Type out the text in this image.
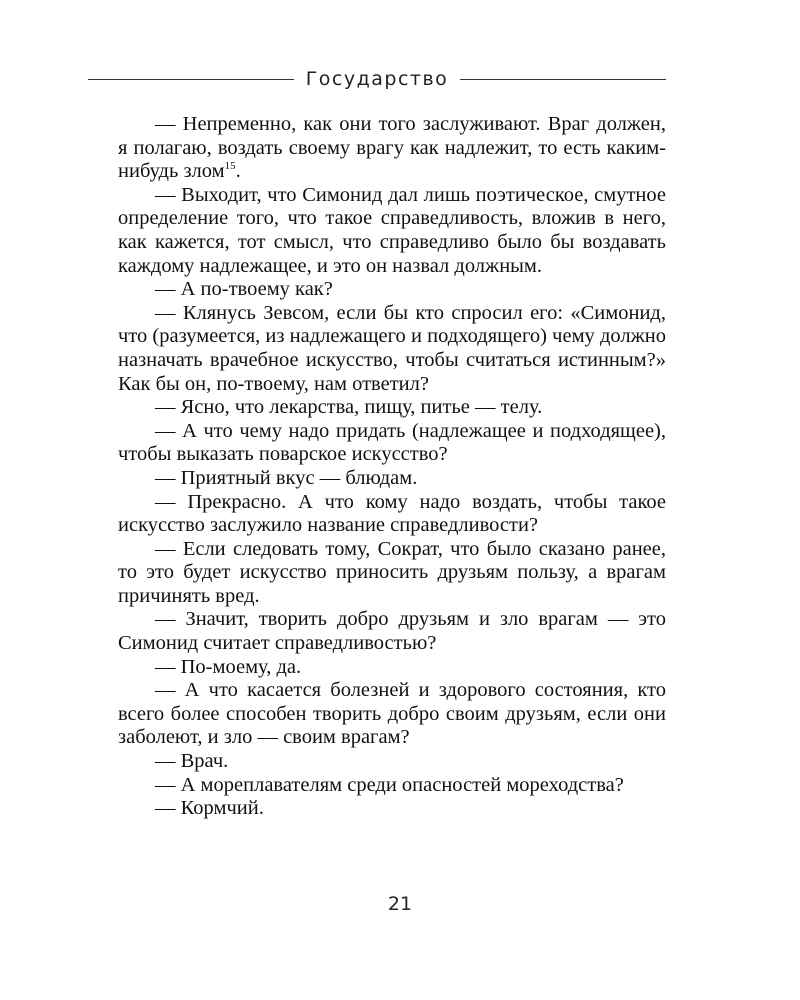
Государство

— Непременно, как они того заслуживают. Враг должен, я полагаю, воздать своему врагу как надлежит, то есть каким-нибудь злом$^{15}$.

— Выходит, что Симонид дал лишь поэтическое, смутное определение того, что такое справедливость, вложив в него, как кажется, тот смысл, что справедливо было бы воздавать каждому надлежащее, и это он назвал должным.

— А по-твоему как?

— Клянусь Зевсом, если бы кто спросил его: «Симонид, что (разумеется, из надлежащего и подходящего) чему должно назначать врачебное искусство, чтобы считаться истинным?» Как бы он, по-твоему, нам ответил?

— Ясно, что лекарства, пищу, питье — телу.

— А что чему надо придать (надлежащее и подходящее), чтобы выказать поварское искусство?

— Приятный вкус — блюдам.

— Прекрасно. А что кому надо воздать, чтобы такое искусство заслужило название справедливости?

— Если следовать тому, Сократ, что было сказано ранее, то это будет искусство приносить друзьям пользу, а врагам причинять вред.

— Значит, творить добро друзьям и зло врагам — это Симонид считает справедливостью?

— По-моему, да.

— А что касается болезней и здорового состояния, кто всего более способен творить добро своим друзьям, если они заболеют, и зло — своим врагам?

— Врач.

— А мореплавателям среди опасностей мореходства?

— Кормчий.

21
